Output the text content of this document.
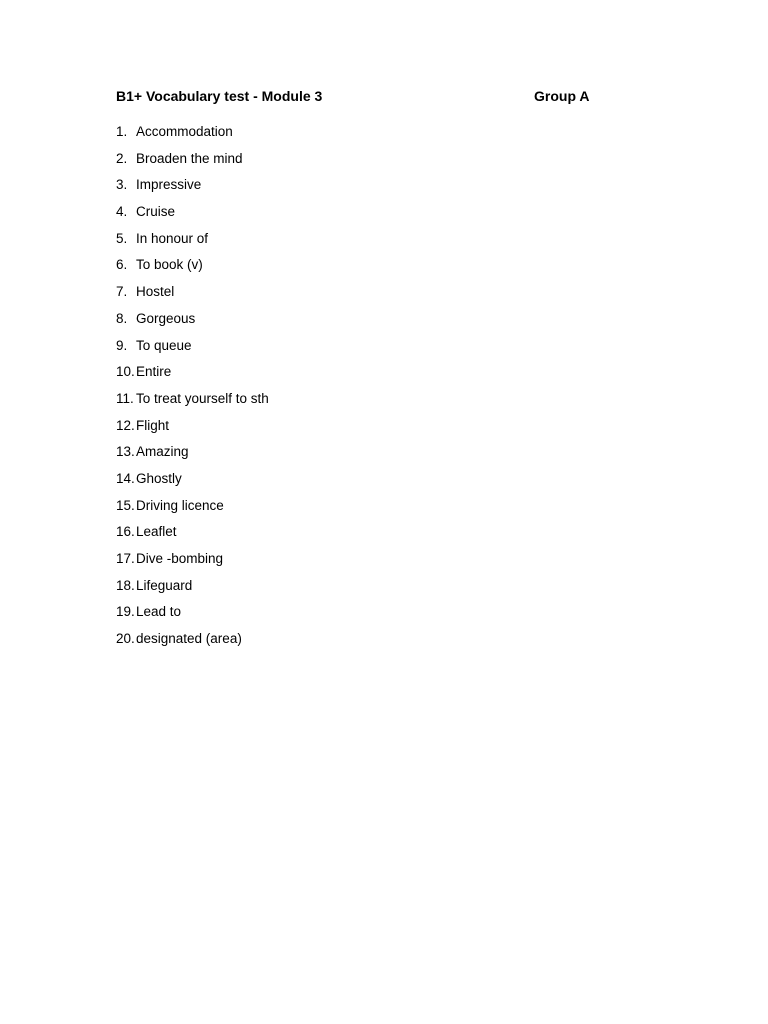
B1+ Vocabulary test - Module 3	Group A
1. Accommodation
2. Broaden the mind
3. Impressive
4. Cruise
5. In honour of
6. To book (v)
7. Hostel
8. Gorgeous
9. To queue
10. Entire
11. To treat yourself to sth
12. Flight
13. Amazing
14. Ghostly
15. Driving licence
16. Leaflet
17. Dive -bombing
18. Lifeguard
19. Lead to
20. designated (area)
